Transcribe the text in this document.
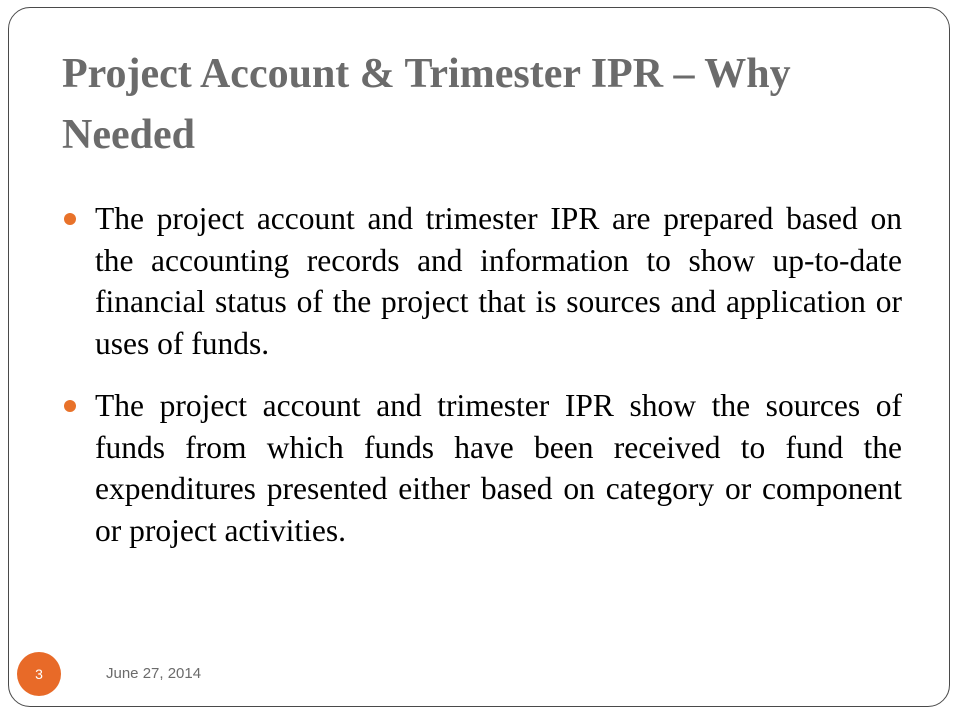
Project Account & Trimester IPR – Why Needed
The project account and trimester IPR are prepared based on the accounting records and information to show up-to-date financial status of the project that is sources and application or uses of funds.
The project account and trimester IPR show the sources of funds from which funds have been received to fund the expenditures presented either based on category or component or project activities.
3	June 27, 2014
